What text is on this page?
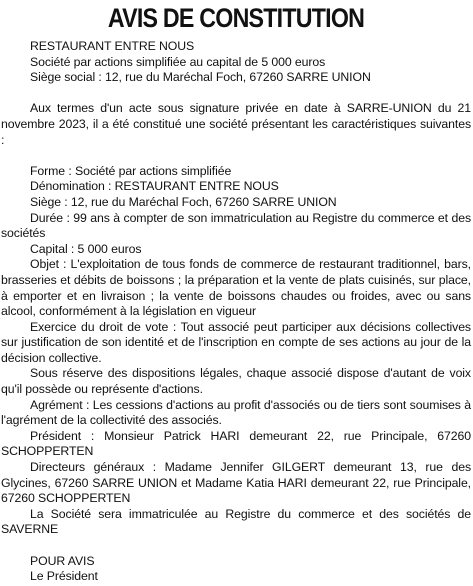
AVIS DE CONSTITUTION
RESTAURANT ENTRE NOUS
Société par actions simplifiée au capital de 5 000 euros
Siège social : 12, rue du Maréchal Foch, 67260 SARRE UNION
Aux termes d'un acte sous signature privée en date à SARRE-UNION du 21 novembre 2023, il a été constitué une société présentant les caractéristiques suivantes :
Forme : Société par actions simplifiée
Dénomination : RESTAURANT ENTRE NOUS
Siège : 12, rue du Maréchal Foch, 67260 SARRE UNION
Durée : 99 ans à compter de son immatriculation au Registre du commerce et des sociétés
Capital : 5 000 euros
Objet : L'exploitation de tous fonds de commerce de restaurant traditionnel, bars, brasseries et débits de boissons ; la préparation et la vente de plats cuisinés, sur place, à emporter et en livraison ; la vente de boissons chaudes ou froides, avec ou sans alcool, conformément à la législation en vigueur
Exercice du droit de vote : Tout associé peut participer aux décisions collectives sur justification de son identité et de l'inscription en compte de ses actions au jour de la décision collective.
Sous réserve des dispositions légales, chaque associé dispose d'autant de voix qu'il possède ou représente d'actions.
Agrément : Les cessions d'actions au profit d'associés ou de tiers sont soumises à l'agrément de la collectivité des associés.
Président : Monsieur Patrick HARI demeurant 22, rue Principale, 67260 SCHOPPERTEN
Directeurs généraux : Madame Jennifer GILGERT demeurant 13, rue des Glycines, 67260 SARRE UNION et Madame Katia HARI demeurant 22, rue Principale, 67260 SCHOPPERTEN
La Société sera immatriculée au Registre du commerce et des sociétés de SAVERNE
POUR AVIS
Le Président
